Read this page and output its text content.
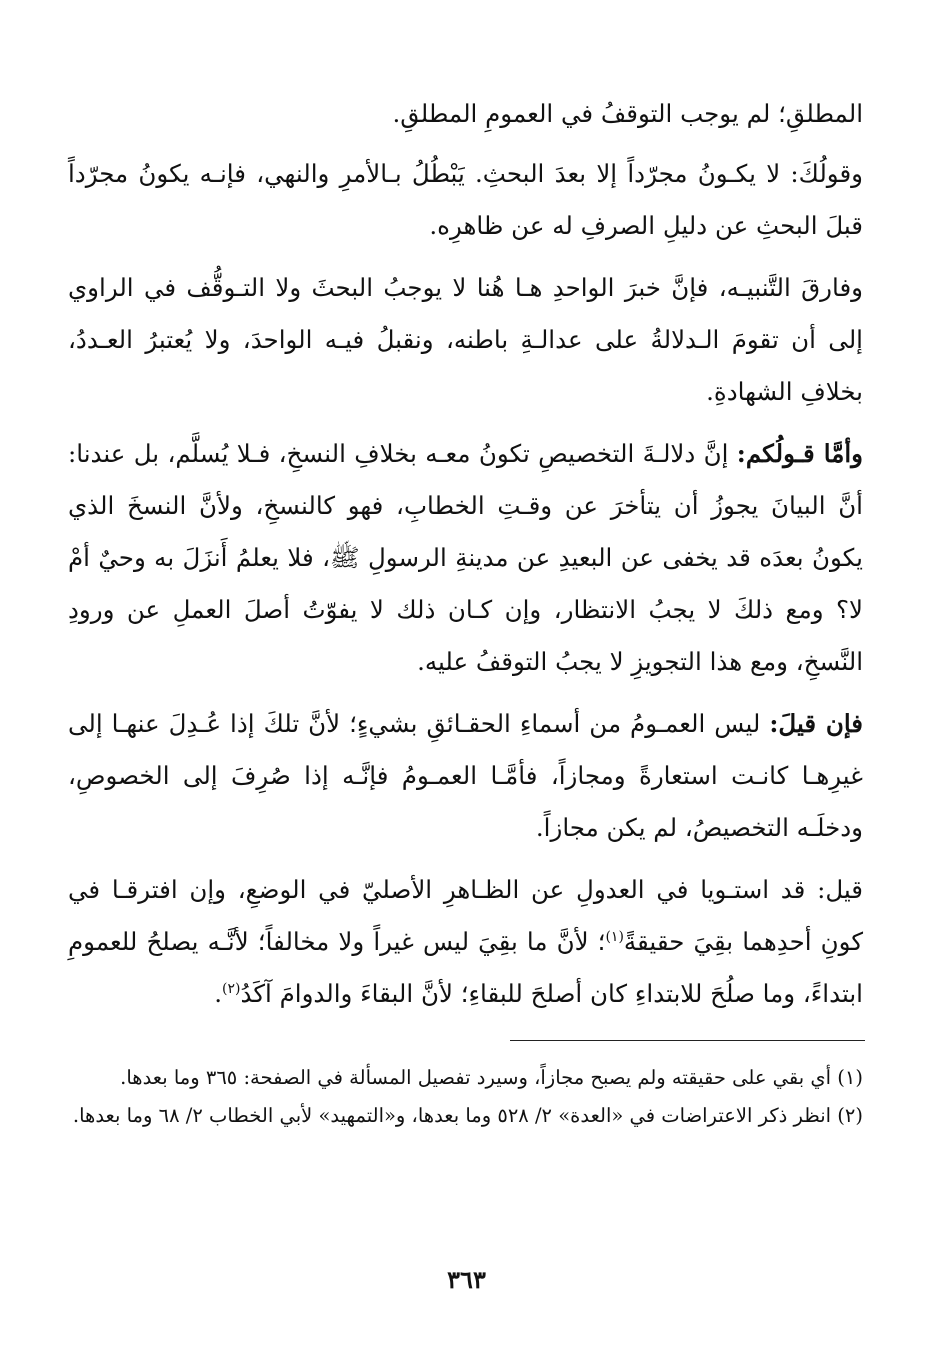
المطلقِ؛ لم يوجب التوقفُ في العمومِ المطلقِ.

وقولُكَ: لا يكـونُ مجرّداً إلا بعدَ البحثِ. يَبْطُلُ بـالأمرِ والنهي، فإنـه يكونُ مجرّداً قبلَ البحثِ عن دليلِ الصرفِ له عن ظاهرِه.

وفارقَ التَّنبيـه، فإنَّ خبرَ الواحدِ هـا هُنا لا يوجبُ البحثَ ولا التـوقُّف في الراوي إلى أن تقومَ الـدلالةُ على عدالـةِ باطنه، ونقبلُ فيـه الواحدَ، ولا يُعتبرُ العـددُ، بخلافِ الشهادةِ.

وأمَّا قـولُكم: إنَّ دلالـةَ التخصيصِ تكونُ معـه بخلافِ النسخِ، فـلا يُسلَّم، بل عندنا: أنَّ البيانَ يجوزُ أن يتأخرَ عن وقـتِ الخطابِ، فهو كالنسخِ، ولأنَّ النسخَ الذي يكونُ بعدَه قد يخفى عن البعيدِ عن مدينةِ الرسولِ ﷺ، فلا يعلمُ أَنزَلَ به وحيٌ أمْ لا؟ ومع ذلكَ لا يجبُ الانتظار، وإن كـان ذلك لا يفوّتُ أصلَ العملِ عن ورودِ النَّسخِ، ومع هذا التجويزِ لا يجبُ التوقفُ عليه.

فإن قيلَ: ليس العمـومُ من أسماءِ الحقـائقِ بشيءٍ؛ لأنَّ تلكَ إذا عُـدِلَ عنهـا إلى غيرِهـا كانـت استعارةً ومجازاً، فأمَّـا العمـومُ فإنَّـه إذا صُرِفَ إلى الخصوصِ، ودخلَـه التخصيصُ، لم يكن مجازاً.

قيل: قد استـويا في العدولِ عن الظـاهرِ الأصليّ في الوضعِ، وإن افترقـا في كونِ أحدِهما بقِيَ حقيقةً$^{(١)}$؛ لأنَّ ما بقِيَ ليس غيراً ولا مخالفاً؛ لأنَّـه يصلحُ للعمومِ ابتداءً، وما صلُحَ للابتداءِ كان أصلحَ للبقاءِ؛ لأنَّ البقاءَ والدوامَ آكَدُ$^{(٢)}$.

(١) أي بقي على حقيقته ولم يصبح مجازاً، وسيرد تفصيل المسألة في الصفحة: ٣٦٥ وما بعدها.

(٢) انظر ذكر الاعتراضات في «العدة» ٢/ ٥٢٨ وما بعدها، و«التمهيد» لأبي الخطاب ٢/ ٦٨ وما بعدها.

٣٦٣
